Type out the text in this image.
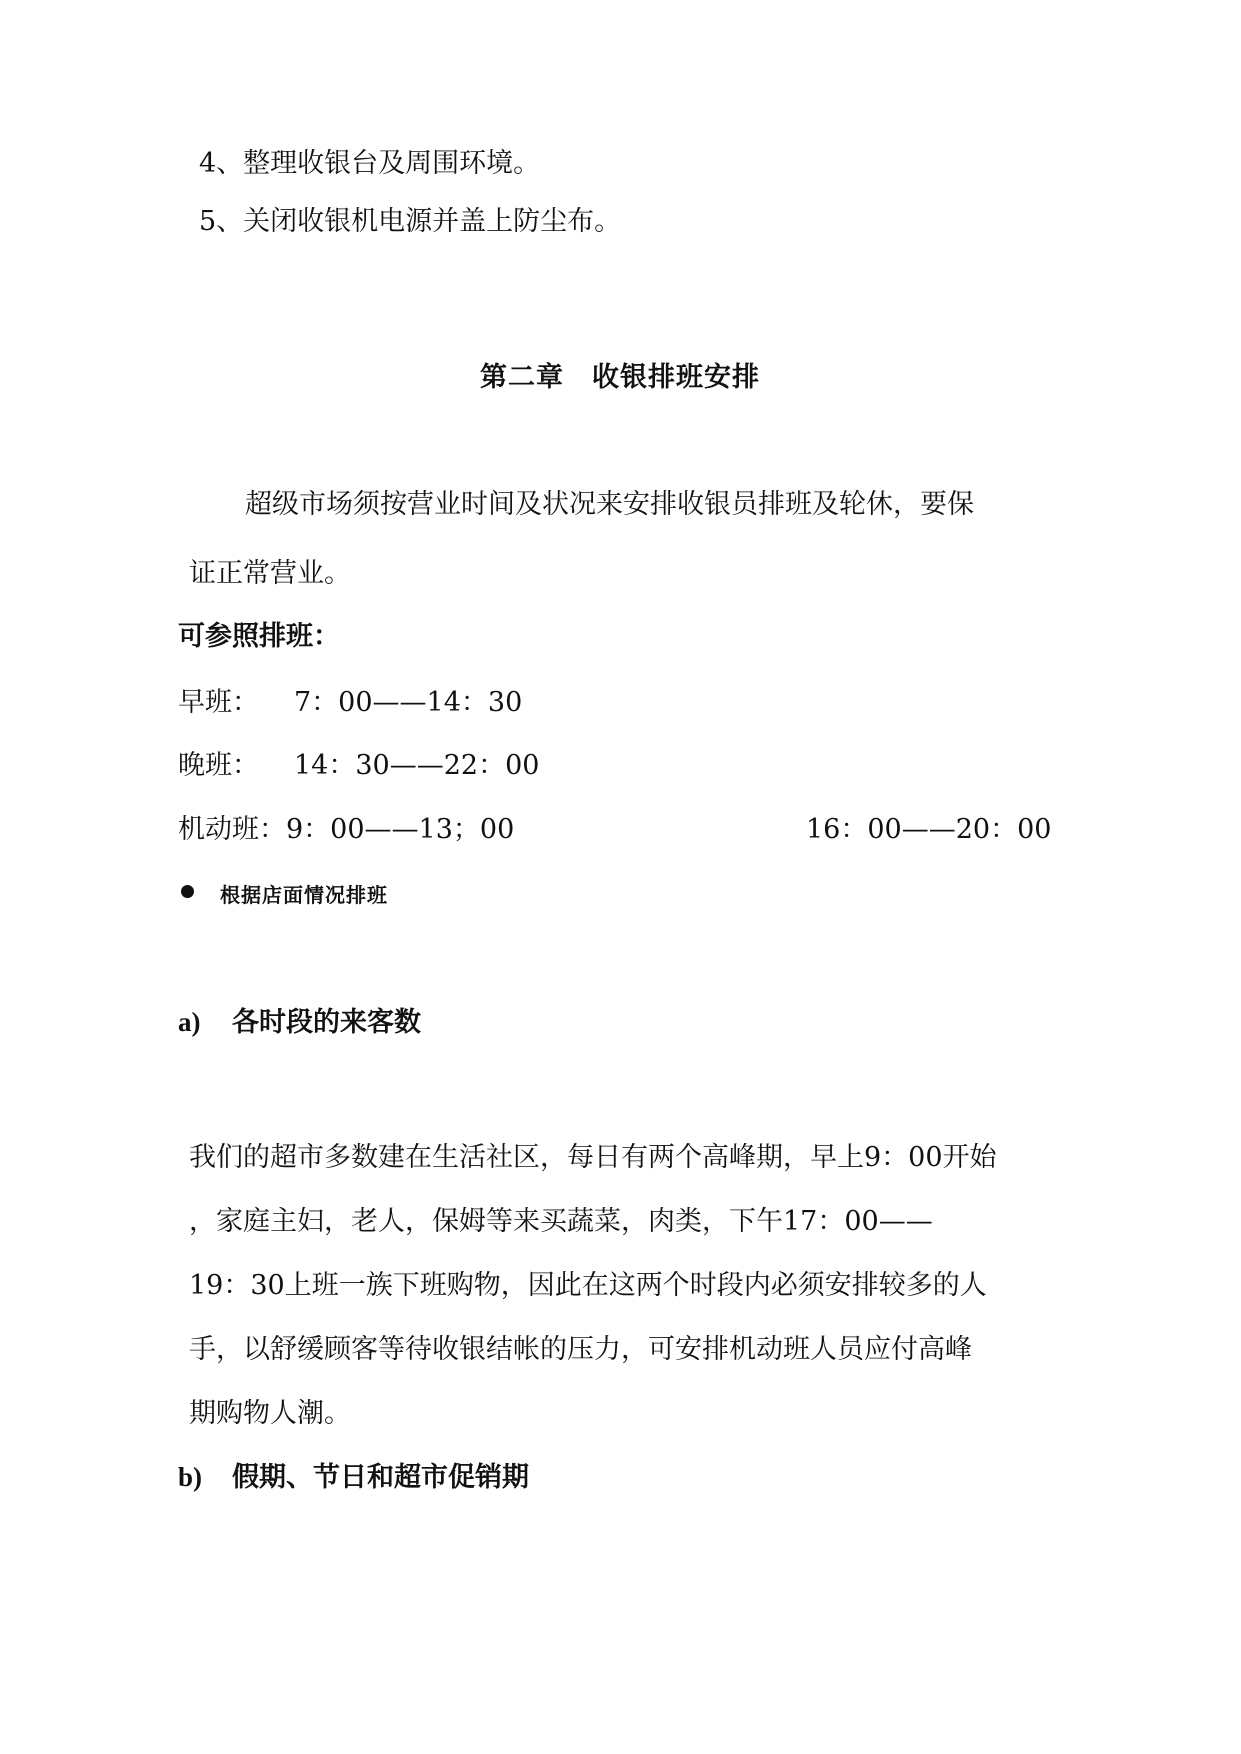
4、整理收银台及周围环境。
5、关闭收银机电源并盖上防尘布。
第二章 收银排班安排
超级市场须按营业时间及状况来安排收银员排班及轮休，要保
证正常营业。
可参照排班：
早班： 7：00——14：30
晚班： 14：30——22：00
机动班：9：00——13；00	16：00——20：00
根据店面情况排班
a) 各时段的来客数
我们的超市多数建在生活社区，每日有两个高峰期，早上9：00开始
，家庭主妇，老人，保姆等来买蔬菜，肉类，下午17：00——
19：30上班一族下班购物，因此在这两个时段内必须安排较多的人
手，以舒缓顾客等待收银结帐的压力，可安排机动班人员应付高峰
期购物人潮。
b) 假期、节日和超市促销期
